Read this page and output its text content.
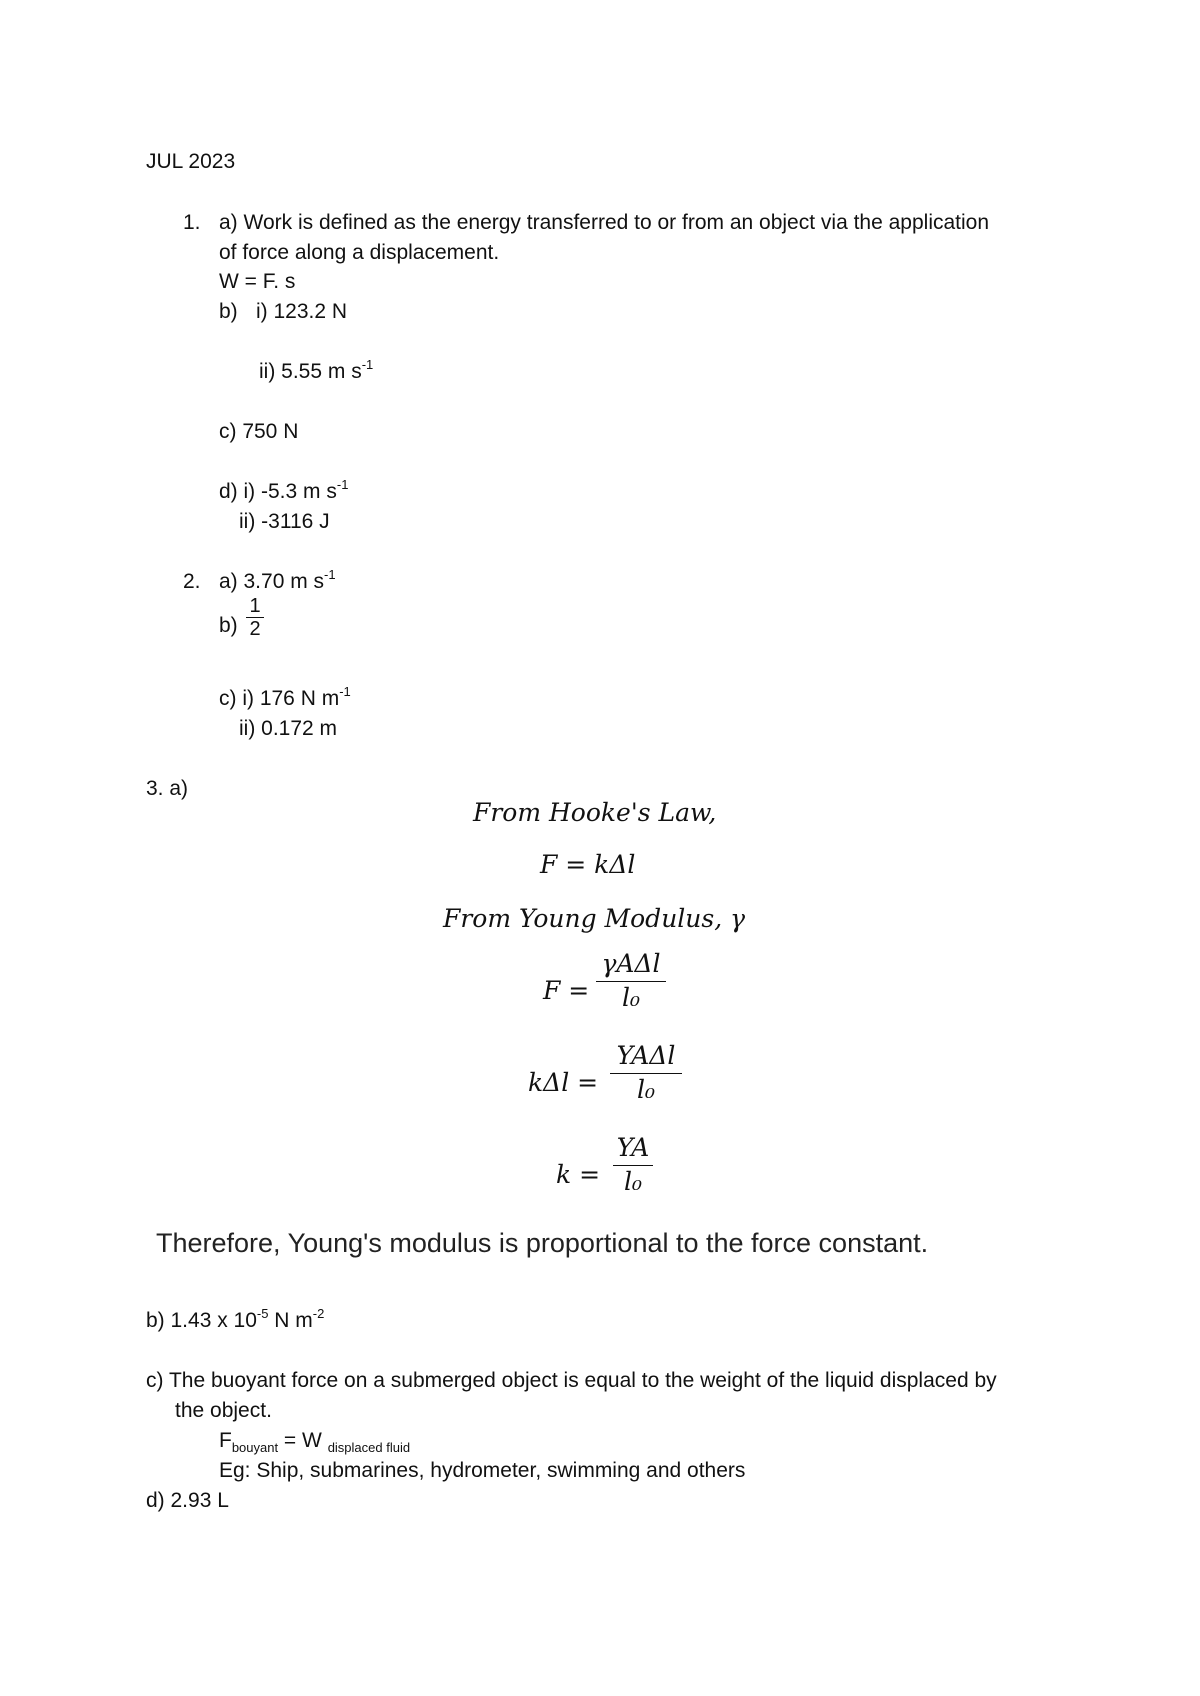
JUL 2023
1. a) Work is defined as the energy transferred to or from an object via the application
of force along a displacement.
W = F. s
b) i) 123.2 N
ii) 5.55 m $s^{-1}$
c) 750 N
d) i) -5.3 m $s^{-1}$
ii) -3116 J
2. a) 3.70 m $s^{-1}$
b)
1
2
c) i) 176 N $m^{-1}$
ii) 0.172 m
3. a)
From Hooke's Law,
F = kΔl
From Young Modulus, γ
F =
γAΔl
l₀
kΔl =
YAΔl
l₀
k =
YA
l₀
Therefore, Young's modulus is proportional to the force constant.
b) 1.43 x $10^{-5}$ N $m^{-2}$
c) The buoyant force on a submerged object is equal to the weight of the liquid displaced by
the object.
$F_{bouyant} = W$ $_{displaced fluid}$
Eg: Ship, submarines, hydrometer, swimming and others
d) 2.93 L
